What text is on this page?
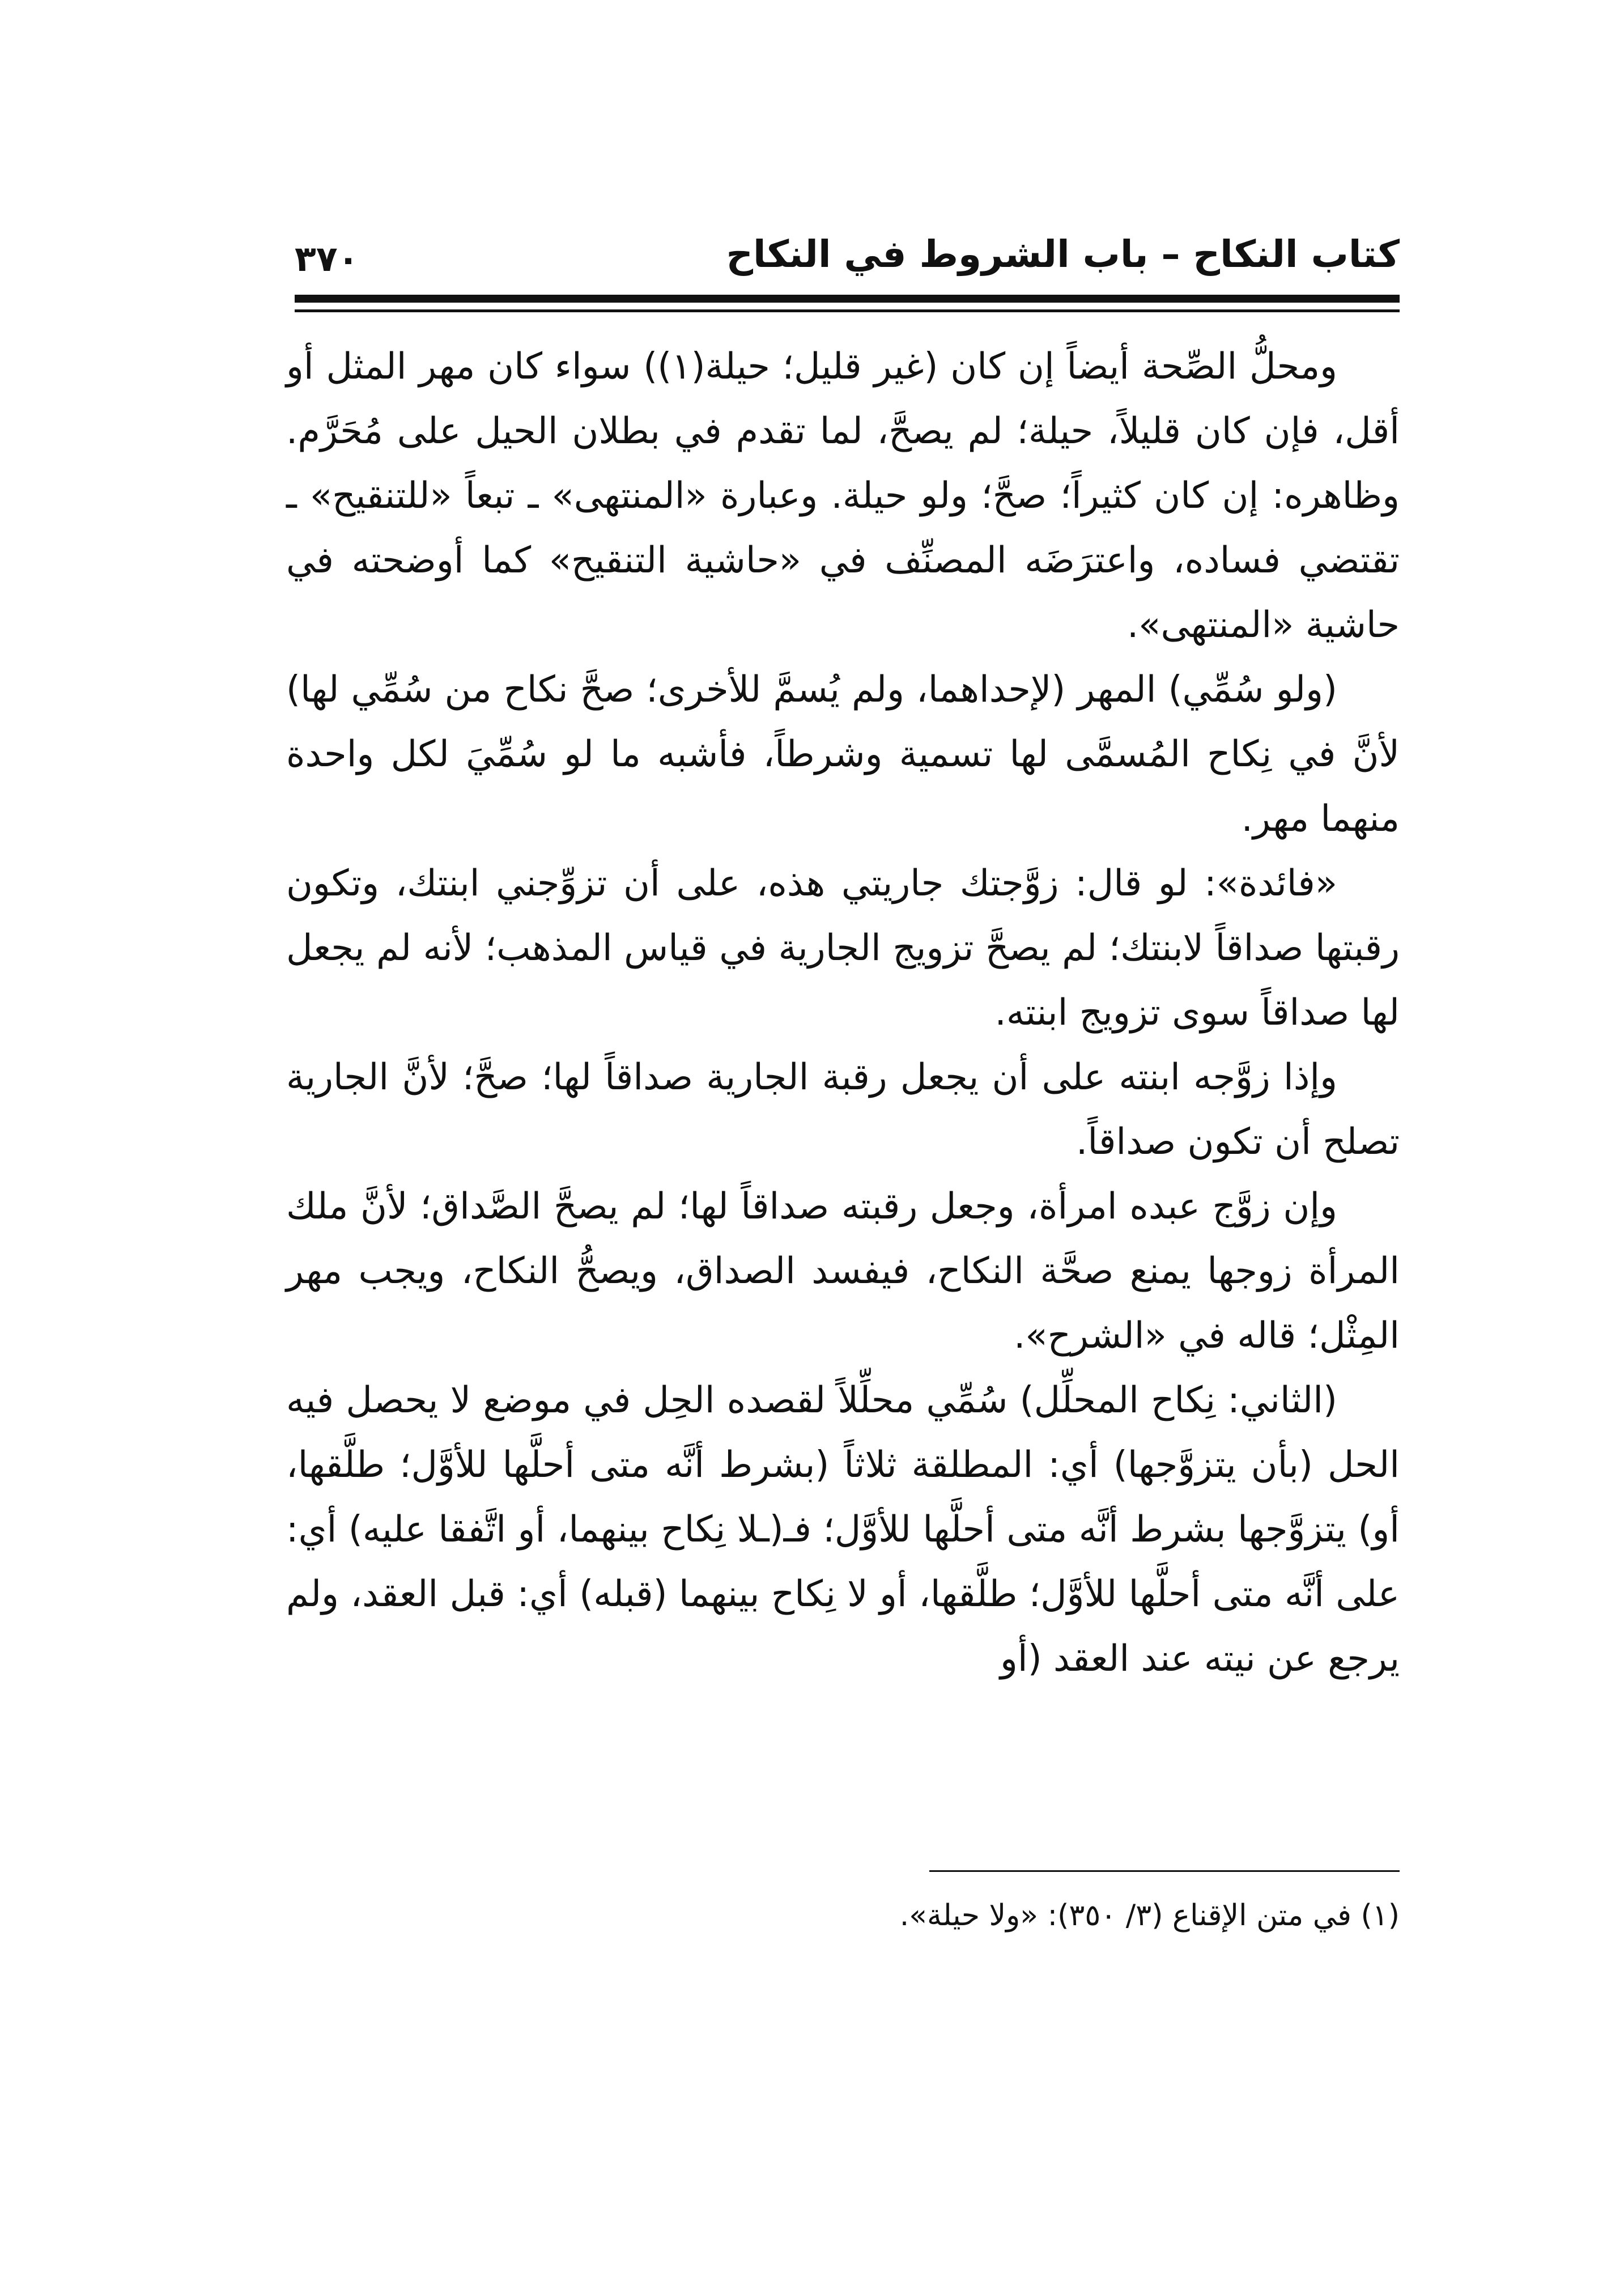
كتاب النكاح – باب الشروط في النكاح
٣٧٠

ومحلُّ الصِّحة أيضاً إن كان (غير قليل؛ حيلة(١)) سواء كان مهر المثل أو أقل، فإن كان قليلاً، حيلة؛ لم يصحَّ، لما تقدم في بطلان الحيل على مُحَرَّم. وظاهره: إن كان كثيراً؛ صحَّ؛ ولو حيلة. وعبارة «المنتهى» ـ تبعاً «للتنقيح» ـ تقتضي فساده، واعترَضَه المصنِّف في «حاشية التنقيح» كما أوضحته في حاشية «المنتهى».

(ولو سُمِّي) المهر (لإحداهما، ولم يُسمَّ للأخرى؛ صحَّ نكاح من سُمِّي لها) لأنَّ في نِكاح المُسمَّى لها تسمية وشرطاً، فأشبه ما لو سُمِّيَ لكل واحدة منهما مهر.

«فائدة»: لو قال: زوَّجتك جاريتي هذه، على أن تزوِّجني ابنتك، وتكون رقبتها صداقاً لابنتك؛ لم يصحَّ تزويج الجارية في قياس المذهب؛ لأنه لم يجعل لها صداقاً سوى تزويج ابنته.

وإذا زوَّجه ابنته على أن يجعل رقبة الجارية صداقاً لها؛ صحَّ؛ لأنَّ الجارية تصلح أن تكون صداقاً.

وإن زوَّج عبده امرأة، وجعل رقبته صداقاً لها؛ لم يصحَّ الصَّداق؛ لأنَّ ملك المرأة زوجها يمنع صحَّة النكاح، فيفسد الصداق، ويصحُّ النكاح، ويجب مهر المِثْل؛ قاله في «الشرح».

(الثاني: نِكاح المحلِّل) سُمِّي محلِّلاً لقصده الحِل في موضع لا يحصل فيه الحل (بأن يتزوَّجها) أي: المطلقة ثلاثاً (بشرط أنَّه متى أحلَّها للأوَّل؛ طلَّقها، أو) يتزوَّجها بشرط أنَّه متى أحلَّها للأوَّل؛ فـ(ـلا نِكاح بينهما، أو اتَّفقا عليه) أي: على أنَّه متى أحلَّها للأوَّل؛ طلَّقها، أو لا نِكاح بينهما (قبله) أي: قبل العقد، ولم يرجع عن نيته عند العقد (أو

(١) في متن الإقناع (٣/ ٣٥٠): «ولا حيلة».
